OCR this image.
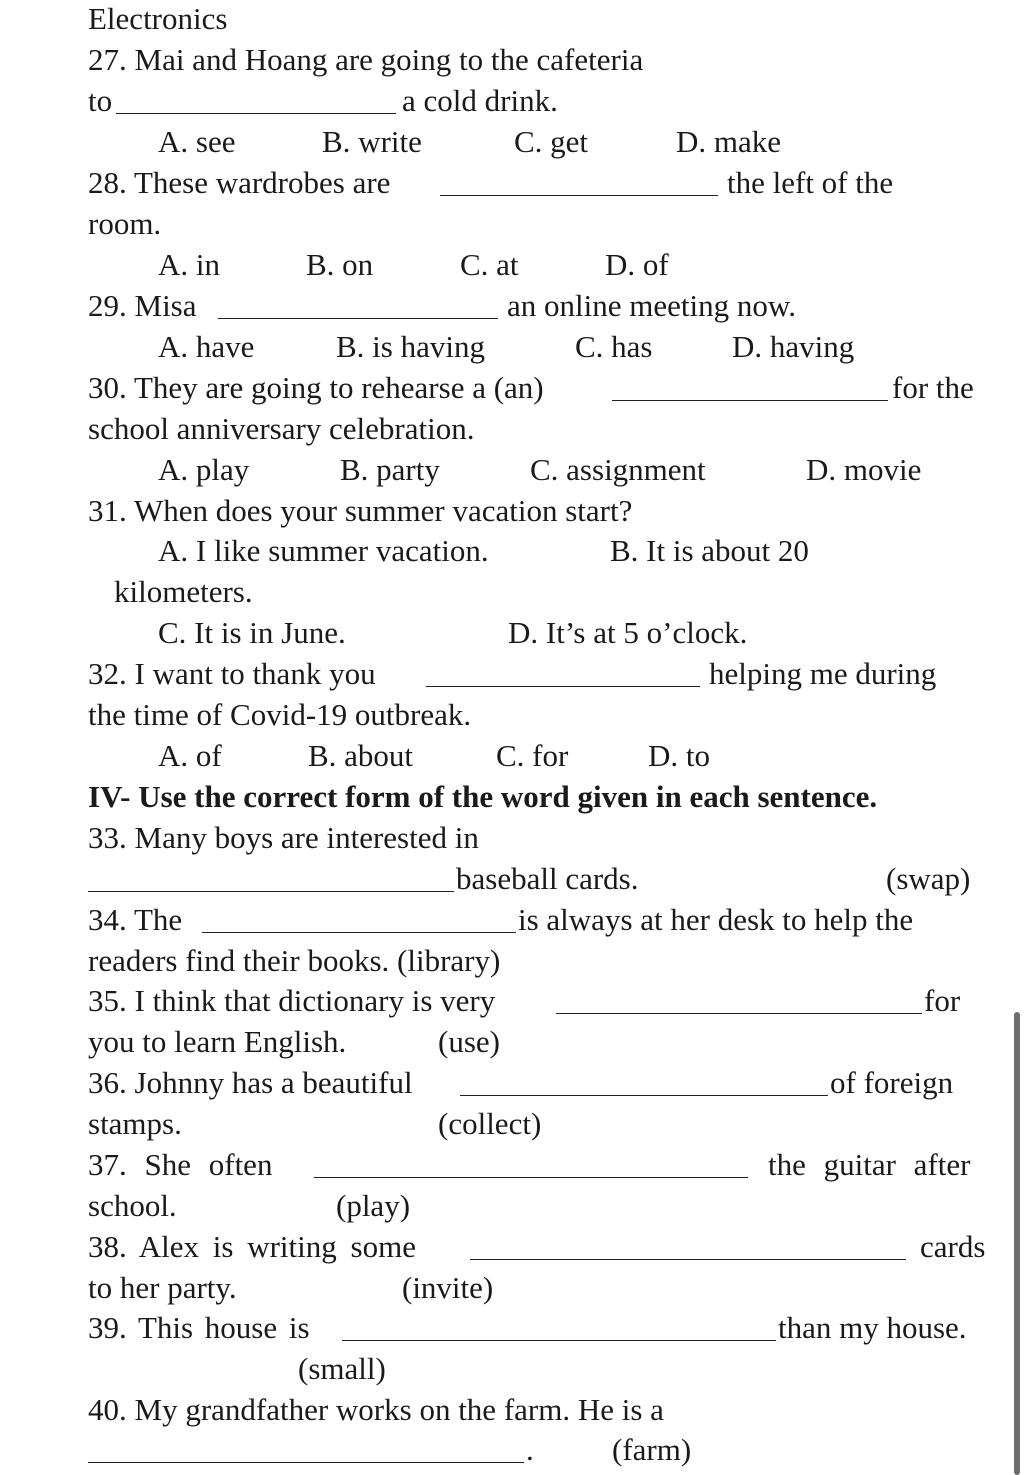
Electronics
27. Mai and Hoang are going to the cafeteria
to	a cold drink.
A. see	B. write	C. get	D. make
28. These wardrobes are	the left of the
room.
A. in	B. on	C. at	D. of
29. Misa	an online meeting now.
A. have	B. is having	C. has	D. having
30. They are going to rehearse a (an)	for the
school anniversary celebration.
A. play	B. party	C. assignment	D. movie
31. When does your summer vacation start?
A. I like summer vacation.	B. It is about 20
kilometers.
C. It is in June.	D. It’s at 5 o’clock.
32. I want to thank you	helping me during
the time of Covid-19 outbreak.
A. of	B. about	C. for	D. to
IV- Use the correct form of the word given in each sentence.
33. Many boys are interested in
baseball cards.	(swap)
34. The	is always at her desk to help the
readers find their books. (library)
35. I think that dictionary is very	for
you to learn English.	(use)
36. Johnny has a beautiful	of foreign
stamps.	(collect)
37. She often	the guitar after
school.	(play)
38. Alex is writing some	cards
to her party.	(invite)
39. This house is	than my house.
(small)
40. My grandfather works on the farm. He is a
.	(farm)
